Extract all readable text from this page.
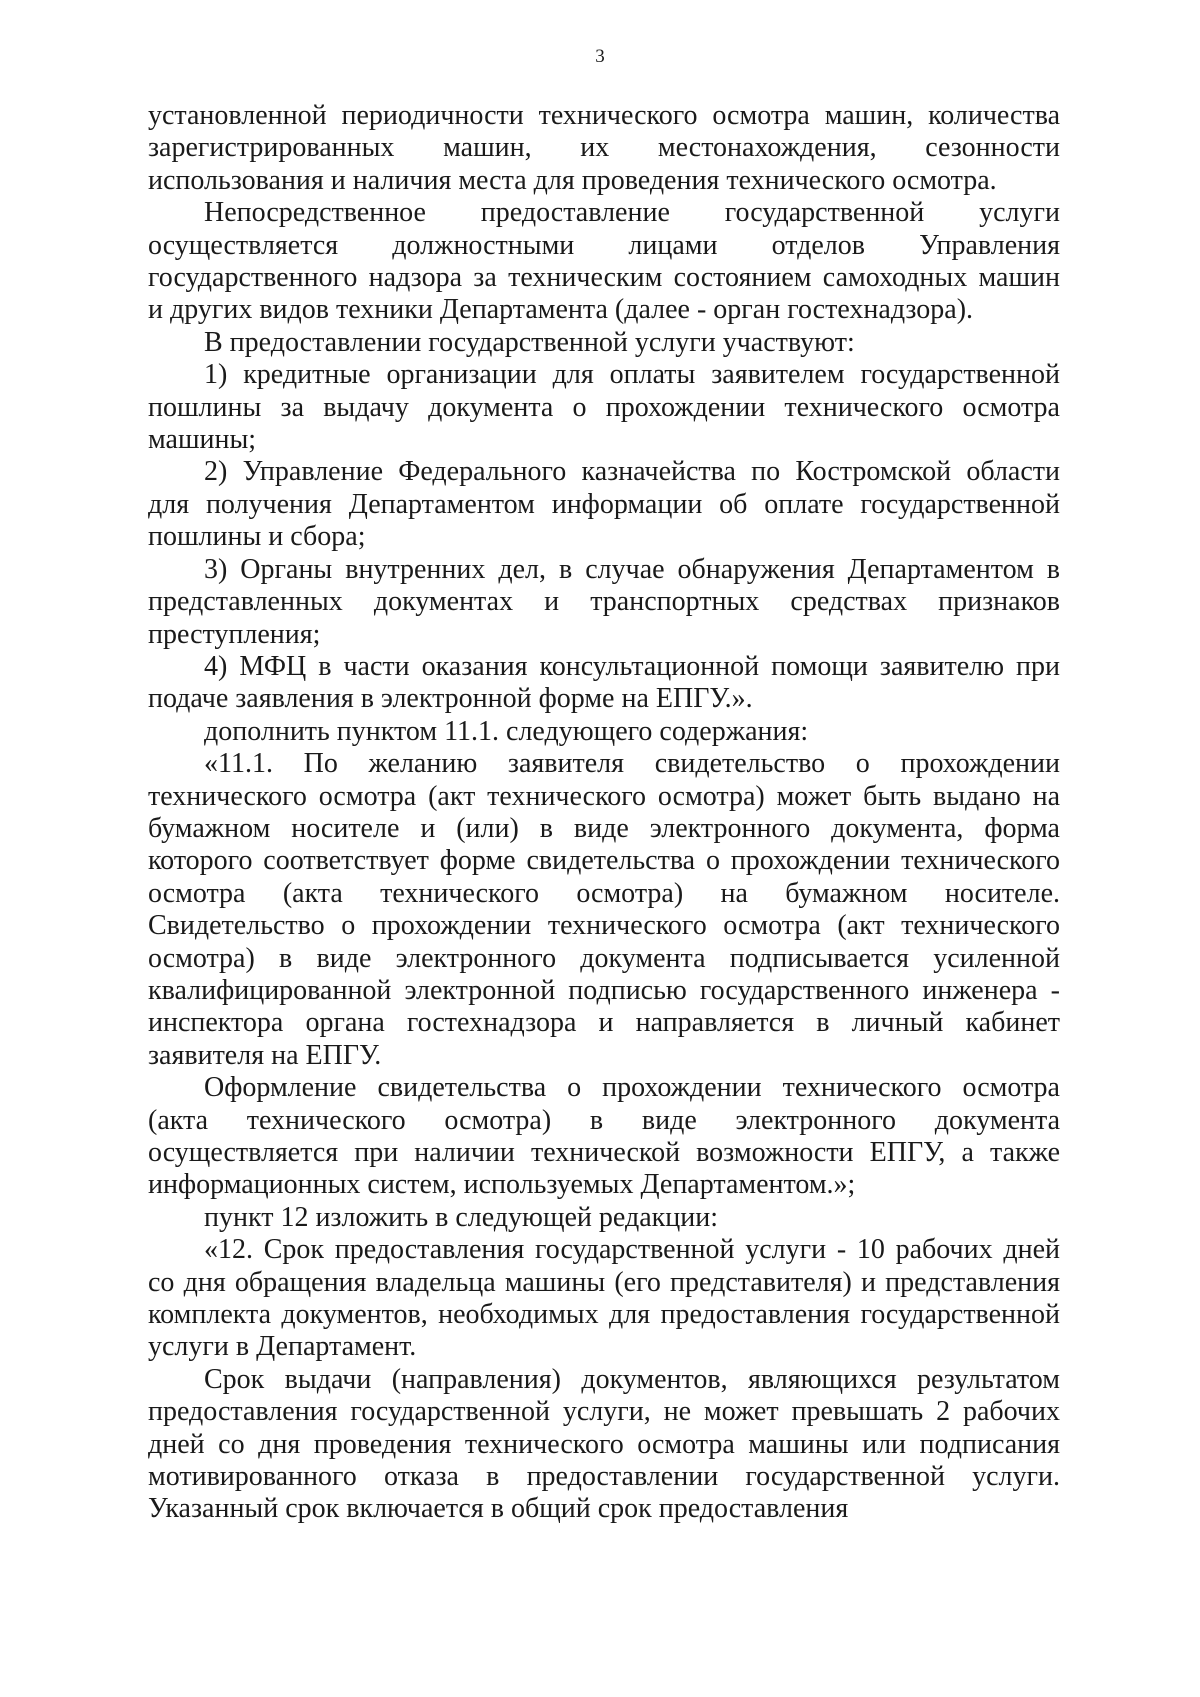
3

установленной периодичности технического осмотра машин, количества
зарегистрированных машин, их местонахождения, сезонности
использования и наличия места для проведения технического осмотра.

Непосредственное предоставление государственной услуги
осуществляется должностными лицами отделов Управления
государственного надзора за техническим состоянием самоходных машин
и других видов техники Департамента (далее - орган гостехнадзора).

В предоставлении государственной услуги участвуют:

1) кредитные организации для оплаты заявителем государственной
пошлины за выдачу документа о прохождении технического осмотра
машины;

2) Управление Федерального казначейства по Костромской области
для получения Департаментом информации об оплате государственной
пошлины и сбора;

3) Органы внутренних дел, в случае обнаружения Департаментом в
представленных документах и транспортных средствах признаков
преступления;

4) МФЦ в части оказания консультационной помощи заявителю при
подаче заявления в электронной форме на ЕПГУ.».

дополнить пунктом 11.1. следующего содержания:

«11.1. По желанию заявителя свидетельство о прохождении
технического осмотра (акт технического осмотра) может быть выдано на
бумажном носителе и (или) в виде электронного документа, форма
которого соответствует форме свидетельства о прохождении технического
осмотра (акта технического осмотра) на бумажном носителе.
Свидетельство о прохождении технического осмотра (акт технического
осмотра) в виде электронного документа подписывается усиленной
квалифицированной электронной подписью государственного инженера -
инспектора органа гостехнадзора и направляется в личный кабинет
заявителя на ЕПГУ.

Оформление свидетельства о прохождении технического осмотра
(акта технического осмотра) в виде электронного документа
осуществляется при наличии технической возможности ЕПГУ, а также
информационных систем, используемых Департаментом.»;

пункт 12 изложить в следующей редакции:

«12. Срок предоставления государственной услуги - 10 рабочих дней
со дня обращения владельца машины (его представителя) и представления
комплекта документов, необходимых для предоставления государственной
услуги в Департамент.

Срок выдачи (направления) документов, являющихся результатом
предоставления государственной услуги, не может превышать 2 рабочих
дней со дня проведения технического осмотра машины или подписания
мотивированного отказа в предоставлении государственной услуги.
Указанный срок включается в общий срок предоставления
